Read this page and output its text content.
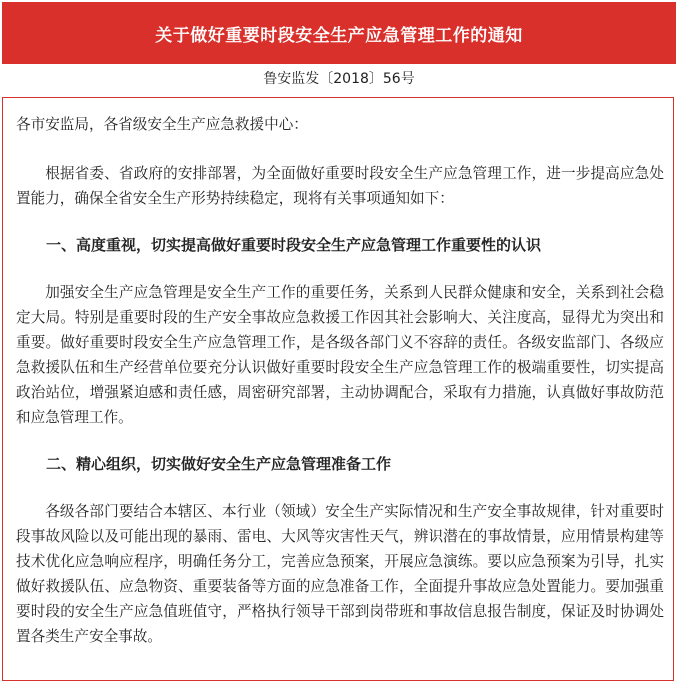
关于做好重要时段安全生产应急管理工作的通知
鲁安监发〔2018〕56号

各市安监局，各省级安全生产应急救援中心：

根据省委、省政府的安排部署，为全面做好重要时段安全生产应急管理工作，进一步提高应急处置能力，确保全省安全生产形势持续稳定，现将有关事项通知如下：

一、高度重视，切实提高做好重要时段安全生产应急管理工作重要性的认识

加强安全生产应急管理是安全生产工作的重要任务，关系到人民群众健康和安全，关系到社会稳定大局。特别是重要时段的生产安全事故应急救援工作因其社会影响大、关注度高，显得尤为突出和重要。做好重要时段安全生产应急管理工作，是各级各部门义不容辞的责任。各级安监部门、各级应急救援队伍和生产经营单位要充分认识做好重要时段安全生产应急管理工作的极端重要性，切实提高政治站位，增强紧迫感和责任感，周密研究部署，主动协调配合，采取有力措施，认真做好事故防范和应急管理工作。

二、精心组织，切实做好安全生产应急管理准备工作

各级各部门要结合本辖区、本行业（领域）安全生产实际情况和生产安全事故规律，针对重要时段事故风险以及可能出现的暴雨、雷电、大风等灾害性天气，辨识潜在的事故情景，应用情景构建等技术优化应急响应程序，明确任务分工，完善应急预案，开展应急演练。要以应急预案为引导，扎实做好救援队伍、应急物资、重要装备等方面的应急准备工作，全面提升事故应急处置能力。要加强重要时段的安全生产应急值班值守，严格执行领导干部到岗带班和事故信息报告制度，保证及时协调处置各类生产安全事故。
